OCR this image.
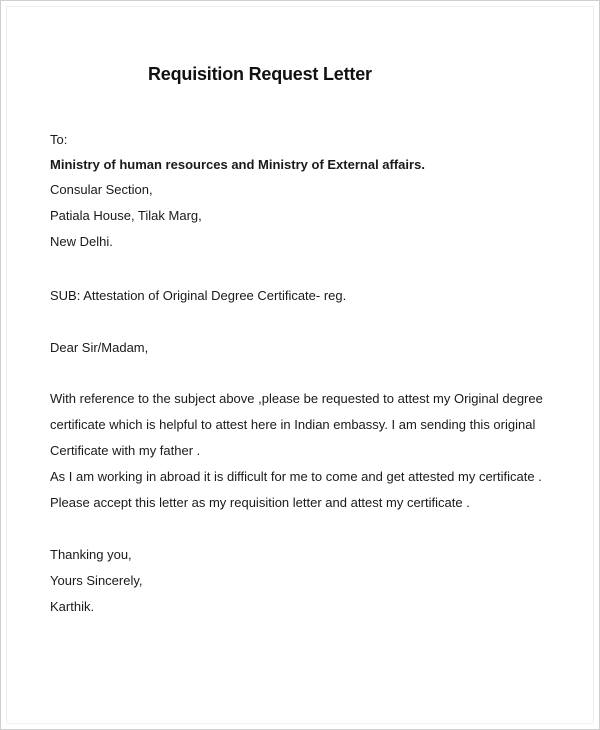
Requisition Request Letter
To:
Ministry of human resources and Ministry of External affairs.
Consular Section,
Patiala House, Tilak Marg,
New Delhi.
SUB: Attestation of Original Degree Certificate- reg.
Dear Sir/Madam,
With reference to the subject above ,please be requested to attest my Original degree
certificate which is helpful to attest here in Indian embassy. I am sending this original
Certificate with my father .
As I am working in abroad it is difficult for me to come and get attested my certificate .
Please accept this letter as my requisition letter and attest my certificate .
Thanking you,
Yours Sincerely,
Karthik.
